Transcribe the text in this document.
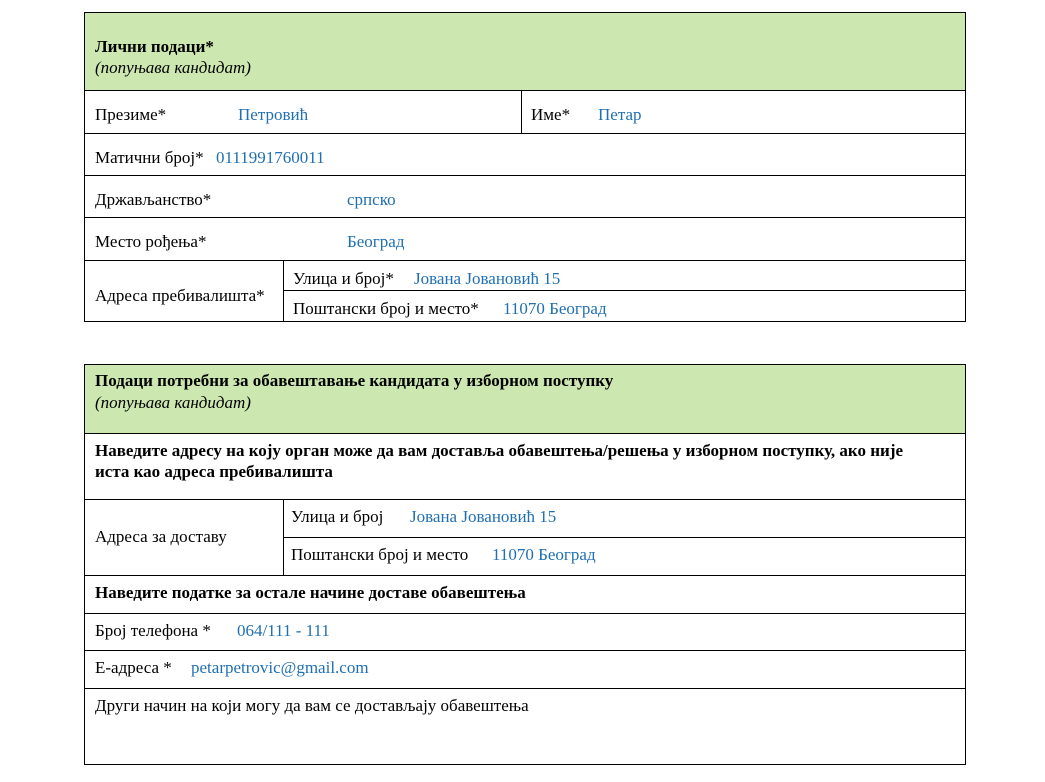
Лични подаци*
(попуњава кандидат)
Презиме*	Петровић	Име* Петар
Матични број* 0111991760011
Држављанство*	српско
Место рођења*	Београд
Адреса пребивалишта*
Улица и број* Јована Јовановић 15
Поштански број и место* 11070 Београд
Подаци потребни за обавештавање кандидата у изборном поступку
(попуњава кандидат)
Наведите адресу на коју орган може да вам доставља обавештења/решења у изборном поступку, ако није
иста као адреса пребивалишта
Адреса за доставу
Улица и број Јована Јовановић 15
Поштански број и место 11070 Београд
Наведите податке за остале начине доставе обавештења
Број телефона * 064/111 - 111
Е-адреса * petarpetrovic@gmail.com
Други начин на који могу да вам се достављају обавештења
